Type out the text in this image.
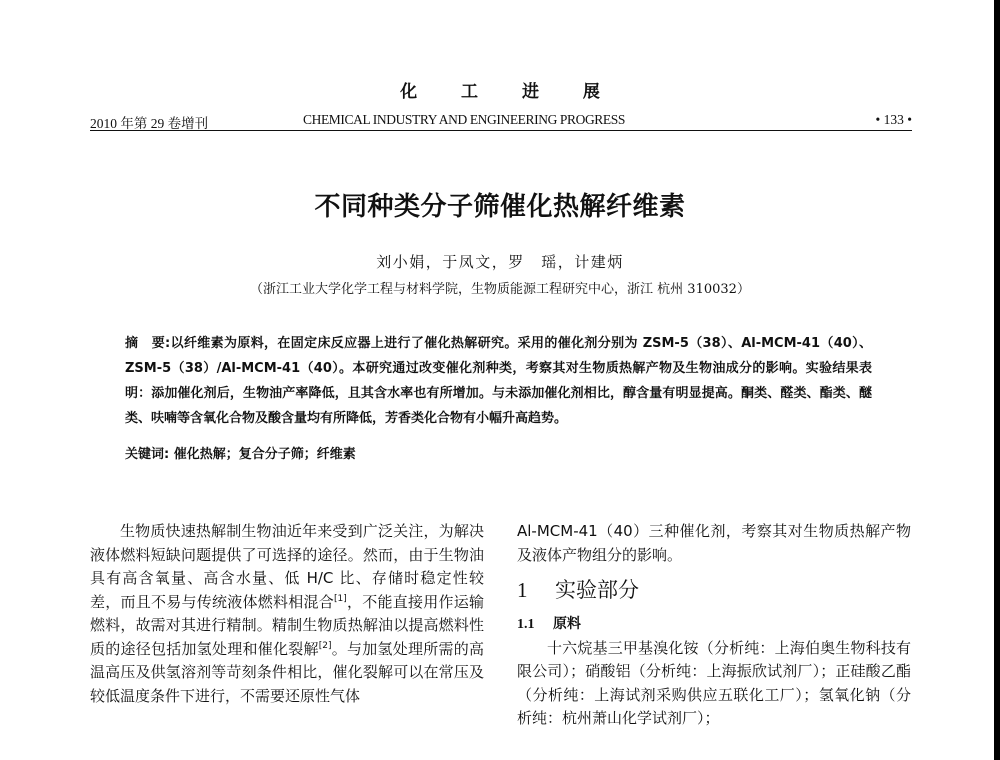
化	工	进	展
2010 年第 29 卷增刊	CHEMICAL INDUSTRY AND ENGINEERING PROGRESS	• 133 •
不同种类分子筛催化热解纤维素
刘小娟，于凤文，罗　瑶，计建炳
（浙江工业大学化学工程与材料学院，生物质能源工程研究中心，浙江 杭州 310032）
摘　要:以纤维素为原料，在固定床反应器上进行了催化热解研究。采用的催化剂分别为 ZSM-5（38）、Al-MCM-41（40）、ZSM-5（38）/Al-MCM-41（40）。本研究通过改变催化剂种类，考察其对生物质热解产物及生物油成分的影响。实验结果表明：添加催化剂后，生物油产率降低，且其含水率也有所增加。与未添加催化剂相比，醇含量有明显提高。酮类、醛类、酯类、醚类、呋喃等含氧化合物及酸含量均有所降低，芳香类化合物有小幅升高趋势。
关键词: 催化热解；复合分子筛；纤维素

生物质快速热解制生物油近年来受到广泛关注，为解决液体燃料短缺问题提供了可选择的途径。然而，由于生物油具有高含氧量、高含水量、低 H/C 比、存储时稳定性较差，而且不易与传统液体燃料相混合[1]，不能直接用作运输燃料，故需对其进行精制。精制生物质热解油以提高燃料性质的途径包括加氢处理和催化裂解[2]。与加氢处理所需的高温高压及供氢溶剂等苛刻条件相比，催化裂解可以在常压及较低温度条件下进行，不需要还原性气体

Al-MCM-41（40）三种催化剂，考察其对生物质热解产物及液体产物组分的影响。

1 实验部分

1.1 原料

十六烷基三甲基溴化铵（分析纯：上海伯奥生物科技有限公司）；硝酸铝（分析纯：上海振欣试剂厂）；正硅酸乙酯（分析纯：上海试剂采购供应五联化工厂）；氢氧化钠（分析纯：杭州萧山化学试剂厂）；
